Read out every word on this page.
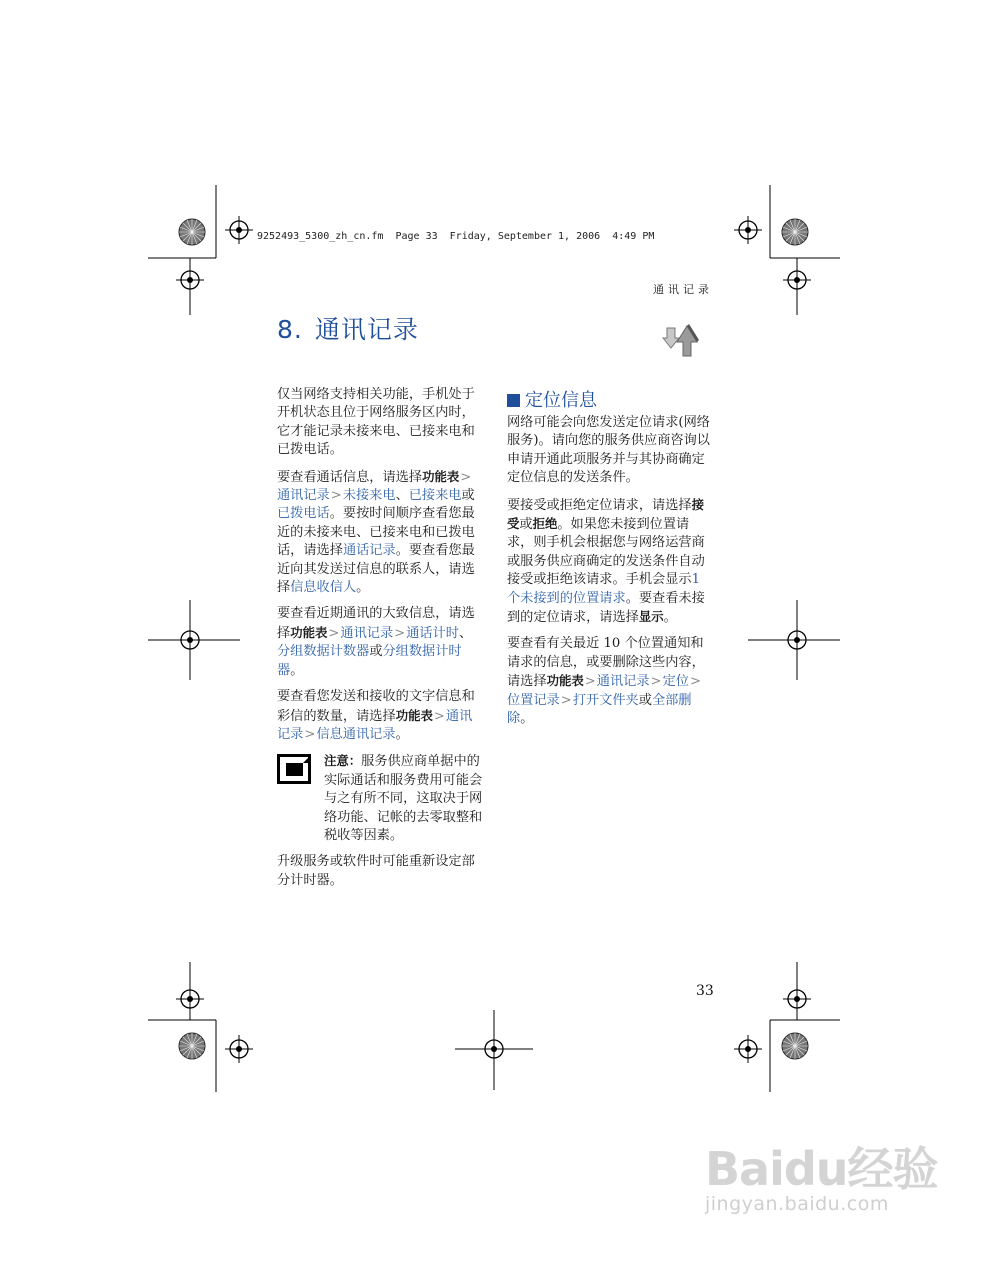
9252493_5300_zh_cn.fm  Page 33  Friday, September 1, 2006  4:49 PM
通讯记录
8. 通讯记录

仅当网络支持相关功能，手机处于开机状态且位于网络服务区内时，它才能记录未接来电、已接来电和已拨电话。

要查看通话信息，请选择功能表>通讯记录>未接来电、已接来电或已拨电话。要按时间顺序查看您最近的未接来电、已接来电和已拨电话，请选择通话记录。要查看您最近向其发送过信息的联系人，请选择信息收信人。

要查看近期通讯的大致信息，请选择功能表>通讯记录>通话计时、分组数据计数器或分组数据计时器。

要查看您发送和接收的文字信息和彩信的数量，请选择功能表>通讯记录>信息通讯记录。

注意：服务供应商单据中的实际通话和服务费用可能会与之有所不同，这取决于网络功能、记帐的去零取整和税收等因素。

升级服务或软件时可能重新设定部分计时器。

定位信息

网络可能会向您发送定位请求(网络服务)。请向您的服务供应商咨询以申请开通此项服务并与其协商确定定位信息的发送条件。

要接受或拒绝定位请求，请选择接受或拒绝。如果您未接到位置请求，则手机会根据您与网络运营商或服务供应商确定的发送条件自动接受或拒绝该请求。手机会显示1 个未接到的位置请求。要查看未接到的定位请求，请选择显示。

要查看有关最近 10 个位置通知和请求的信息，或要删除这些内容，请选择功能表>通讯记录>定位>位置记录>打开文件夹或全部删除。

33
Baidu经验
jingyan.baidu.com
